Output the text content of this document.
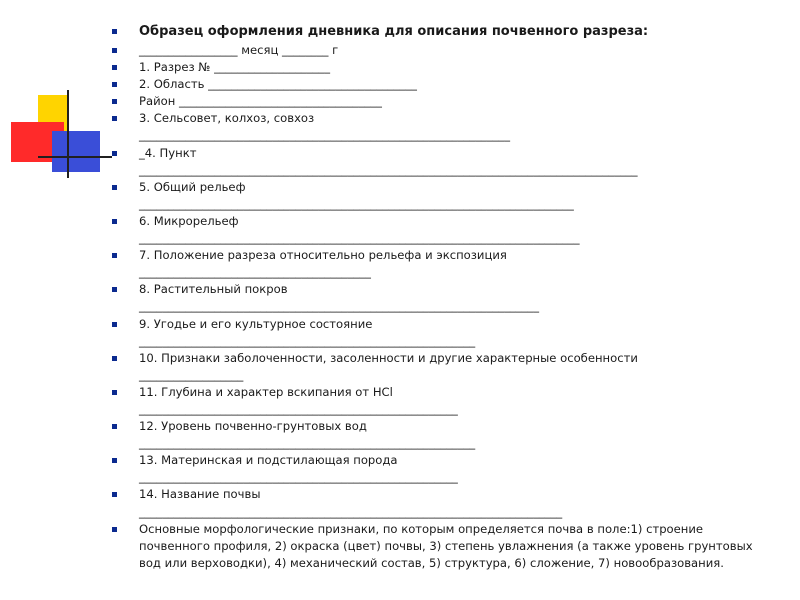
Образец оформления дневника для описания почвенного разреза:
_________________ месяц ________ г
1. Разрез № ____________________
2. Область ____________________________________
Район ___________________________________
3. Сельсовет, колхоз, совхоз
________________________________________________________________
_4. Пункт
______________________________________________________________________________________
5. Общий рельеф
___________________________________________________________________________
6. Микрорельеф
____________________________________________________________________________
7. Положение разреза относительно рельефа и экспозиция
________________________________________
8. Растительный покров
_____________________________________________________________________
9. Угодье и его культурное состояние
__________________________________________________________
10. Признаки заболоченности, засоленности и другие характерные особенности
__________________
11. Глубина и характер вскипания от HCl
_______________________________________________________
12. Уровень почвенно-грунтовых вод
__________________________________________________________
13. Материнская и подстилающая порода
_______________________________________________________
14. Название почвы
_________________________________________________________________________
Основные морфологические признаки, по которым определяется почва в поле:1) строение почвенного профиля, 2) окраска (цвет) почвы, 3) степень увлажнения (а также уровень грунтовых вод или верховодки), 4) механический состав, 5) структура, 6) сложение, 7) новообразования.
